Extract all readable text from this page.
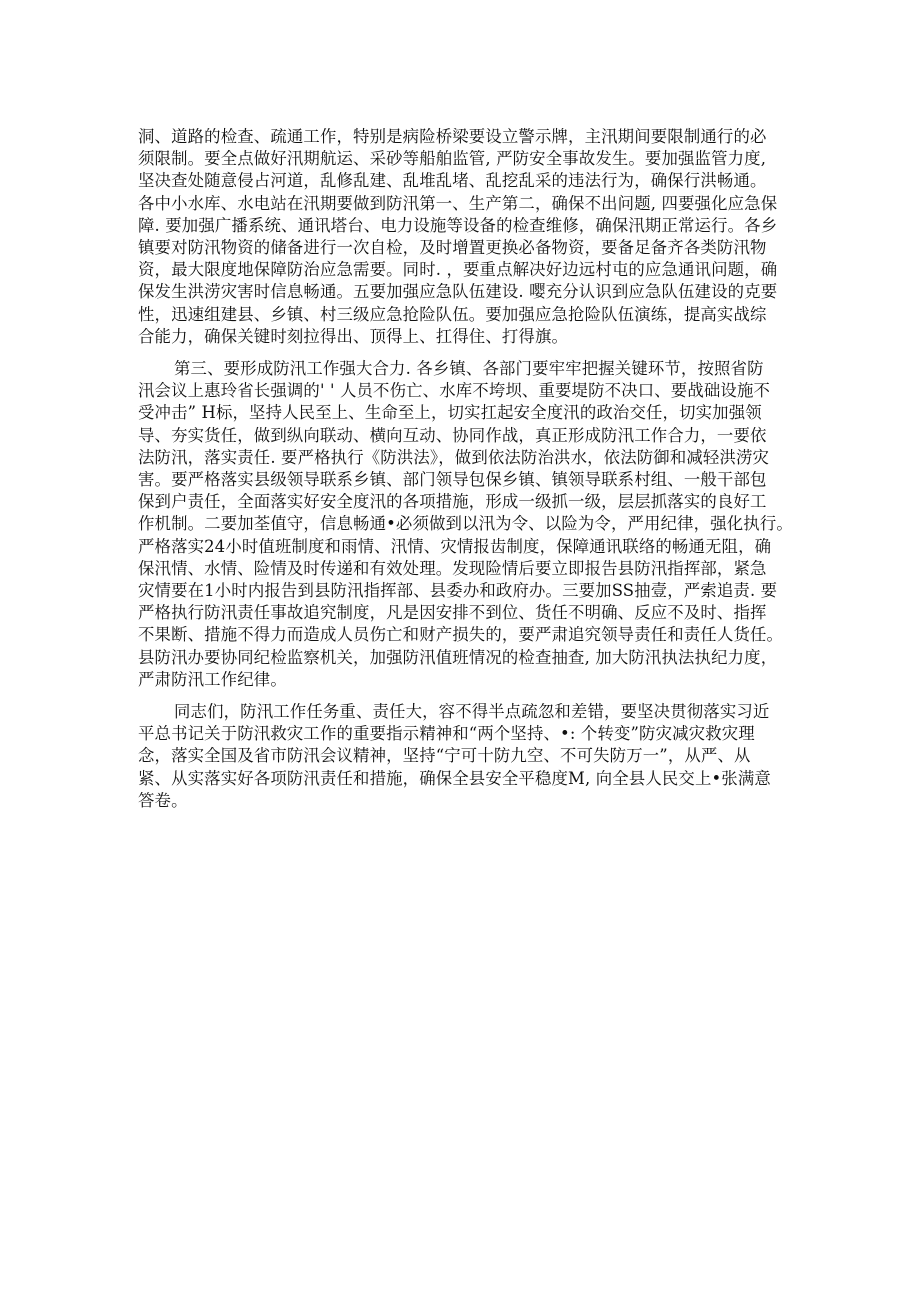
洞、道路的检查、疏通工作，特别是病险桥梁要设立警示牌，主汛期间要限制通行的必
须限制。要全点做好汛期航运、采砂等船舶监管, 严防安全事故发生。要加强监管力度,
坚决查处随意侵占河道，乱修乱建、乱堆乱堵、乱挖乱采的违法行为，确保行洪畅通。
各中小水库、水电站在汛期要做到防汛第一、生产第二，确保不出问题, 四要强化应急保
障. 要加强广播系统、通讯塔台、电力设施等设备的检查维修，确保汛期正常运行。各乡
镇要对防汛物资的储备进行一次自检，及时增置更换必备物资，要备足备齐各类防汛物
资，最大限度地保障防治应急需要。同时. ，要重点解决好边远村屯的应急通讯问题，确
保发生洪涝灾害时信息畅通。五要加强应急队伍建设. 嘤充分认识到应急队伍建设的克要
性，迅速组建县、乡镇、村三级应急抢险队伍。要加强应急抢险队伍演练，提高实战综
合能力，确保关键时刻拉得出、顶得上、扛得住、打得旗。
第三、要形成防汛工作强大合力. 各乡镇、各部门要牢牢把握关键环节，按照省防
汛会议上惠玲省长强调的' ' 人员不伤亡、水库不垮坝、重要堤防不决口、要战础设施不
受冲击” H标，坚持人民至上、生命至上，切实扛起安全度汛的政治交任，切实加强领
导、夯实货任，做到纵向联动、横向互动、协同作战，真正形成防汛工作合力，一要依
法防汛，落实责任. 要严格执行《防洪法》，做到依法防治洪水，依法防御和减轻洪涝灾
害。要严格落实县级领导联系乡镇、部门领导包保乡镇、镇领导联系村组、一般干部包
保到户责任，全面落实好安全度汛的各项措施，形成一级抓一级，层层抓落实的良好工
作机制。二要加荃值守，信息畅通•必须做到以汛为令、以险为令，严用纪律，强化执行。
严格落实24小时值班制度和雨情、汛情、灾情报齿制度，保障通讯联络的畅通无阻，确
保汛情、水情、险情及时传递和有效处理。发现险情后要立即报告县防汛指挥部，紧急
灾情要在1小时内报告到县防汛指挥部、县委办和政府办。三要加SS抽壹，严索追责. 要
严格执行防汛责任事故追究制度，凡是因安排不到位、货任不明确、反应不及时、指挥
不果断、措施不得力而造成人员伤亡和财产损失的，要严肃追究领导责任和责任人货任。
县防汛办要协同纪检监察机关，加强防汛值班情况的检查抽查, 加大防汛执法执纪力度，
严肃防汛工作纪律。
同志们，防汛工作任务重、责任大，容不得半点疏忽和差错，要坚决贯彻落实习近
平总书记关于防汛救灾工作的重要指示精神和“两个坚持、•: 个转变”防灾减灾救灾理
念，落实全国及省市防汛会议精神，坚持“宁可十防九空、不可失防万一”，从严、从
紧、从实落实好各项防汛责任和措施，确保全县安全平稳度M, 向全县人民交上•张满意
答卷。
